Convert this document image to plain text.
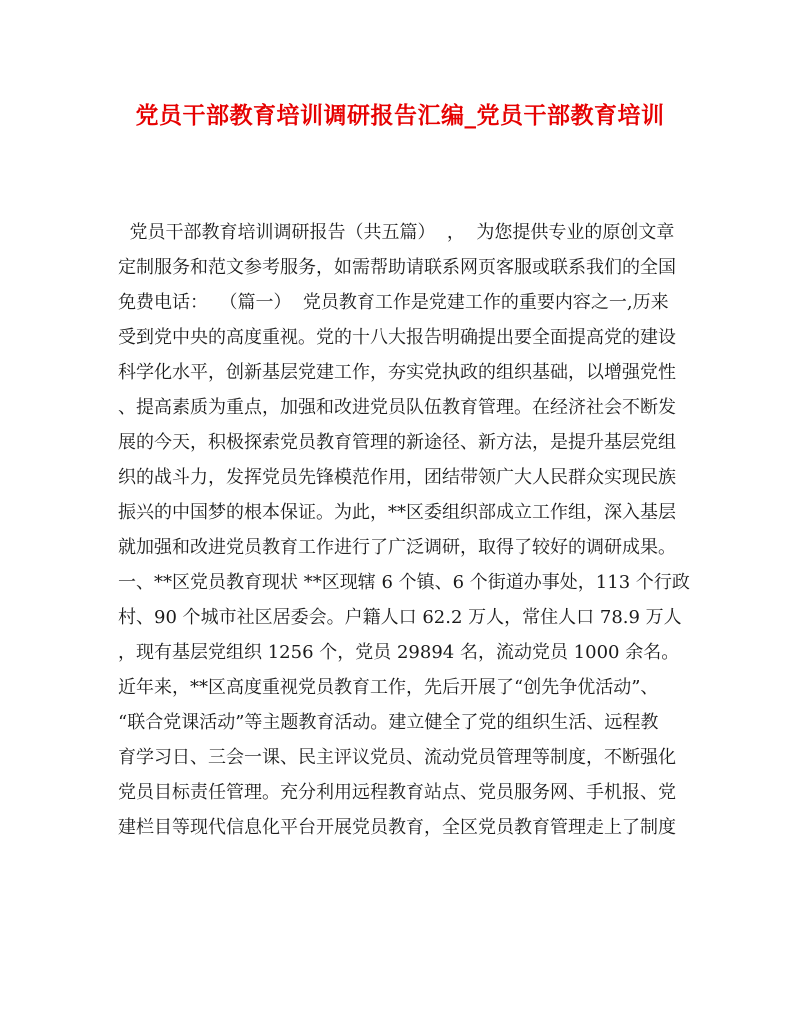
党员干部教育培训调研报告汇编_党员干部教育培训
党员干部教育培训调研报告（共五篇）  ，  为您提供专业的原创文章
定制服务和范文参考服务，如需帮助请联系网页客服或联系我们的全国
免费电话：  （篇一）  党员教育工作是党建工作的重要内容之一,历来
受到党中央的高度重视。党的十八大报告明确提出要全面提高党的建设
科学化水平，创新基层党建工作，夯实党执政的组织基础，以增强党性
、提高素质为重点，加强和改进党员队伍教育管理。在经济社会不断发
展的今天，积极探索党员教育管理的新途径、新方法，是提升基层党组
织的战斗力，发挥党员先锋模范作用，团结带领广大人民群众实现民族
振兴的中国梦的根本保证。为此，**区委组织部成立工作组，深入基层
就加强和改进党员教育工作进行了广泛调研，取得了较好的调研成果。
一、**区党员教育现状 **区现辖 6 个镇、6 个街道办事处，113 个行政
村、90 个城市社区居委会。户籍人口 62.2 万人，常住人口 78.9 万人
，现有基层党组织 1256 个，党员 29894 名，流动党员 1000 余名。
近年来，**区高度重视党员教育工作，先后开展了“创先争优活动”、
“联合党课活动”等主题教育活动。建立健全了党的组织生活、远程教
育学习日、三会一课、民主评议党员、流动党员管理等制度，不断强化
党员目标责任管理。充分利用远程教育站点、党员服务网、手机报、党
建栏目等现代信息化平台开展党员教育，全区党员教育管理走上了制度
